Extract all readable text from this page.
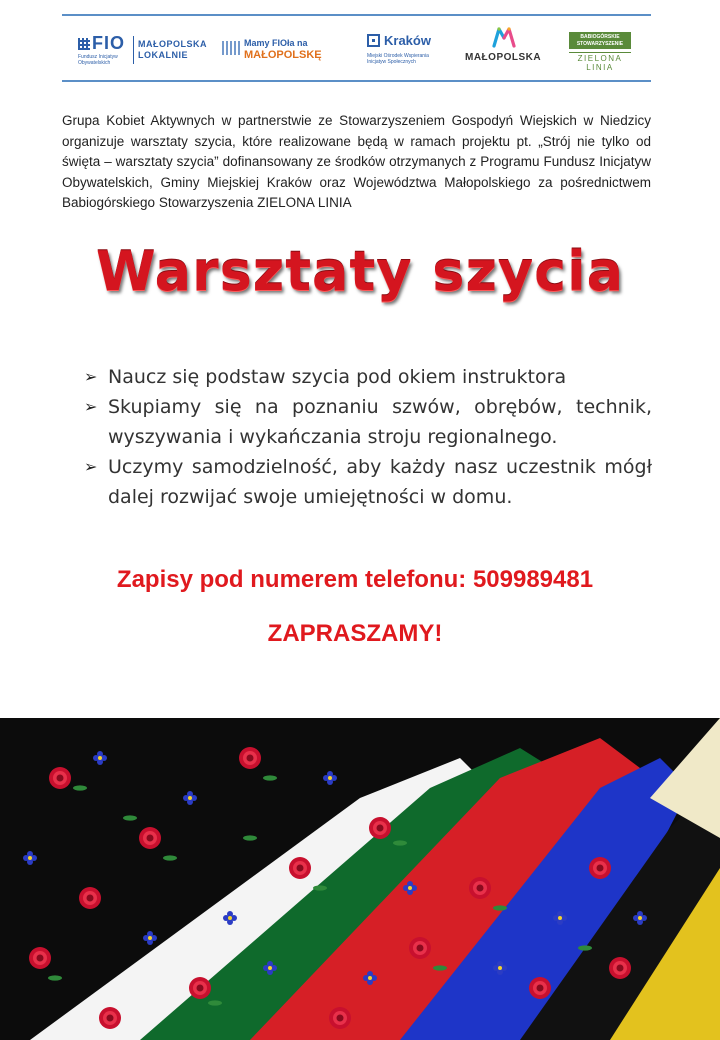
FIO
Fundusz Inicjatyw Obywatelskich
MAŁOPOLSKA
LOKALNIE
Mamy FIOła na
MAŁOPOLSKĘ
Kraków
Miejski Ośrodek Wspierania Inicjatyw Społecznych	MAŁOPOLSKA
BABIOGÓRSKIE STOWARZYSZENIE
ZIELONA LINIA

Grupa Kobiet Aktywnych w partnerstwie ze Stowarzyszeniem Gospodyń Wiejskich w Niedzicy organizuje warsztaty szycia, które realizowane będą w ramach projektu pt. „Strój nie tylko od święta – warsztaty szycia” dofinansowany ze środków otrzymanych z Programu Fundusz Inicjatyw Obywatelskich, Gminy Miejskiej Kraków oraz Województwa Małopolskiego za pośrednictwem Babiogórskiego Stowarzyszenia ZIELONA LINIA

Warsztaty szycia
➢ Naucz się podstaw szycia pod okiem instruktora
➢ Skupiamy się na poznaniu szwów, obrębów, technik, wyszywania i wykańczania stroju regionalnego.
➢ Uczymy samodzielność, aby każdy nasz uczestnik mógł dalej rozwijać swoje umiejętności w domu.

Zapisy pod numerem telefonu: 509989481

ZAPRASZAMY!
